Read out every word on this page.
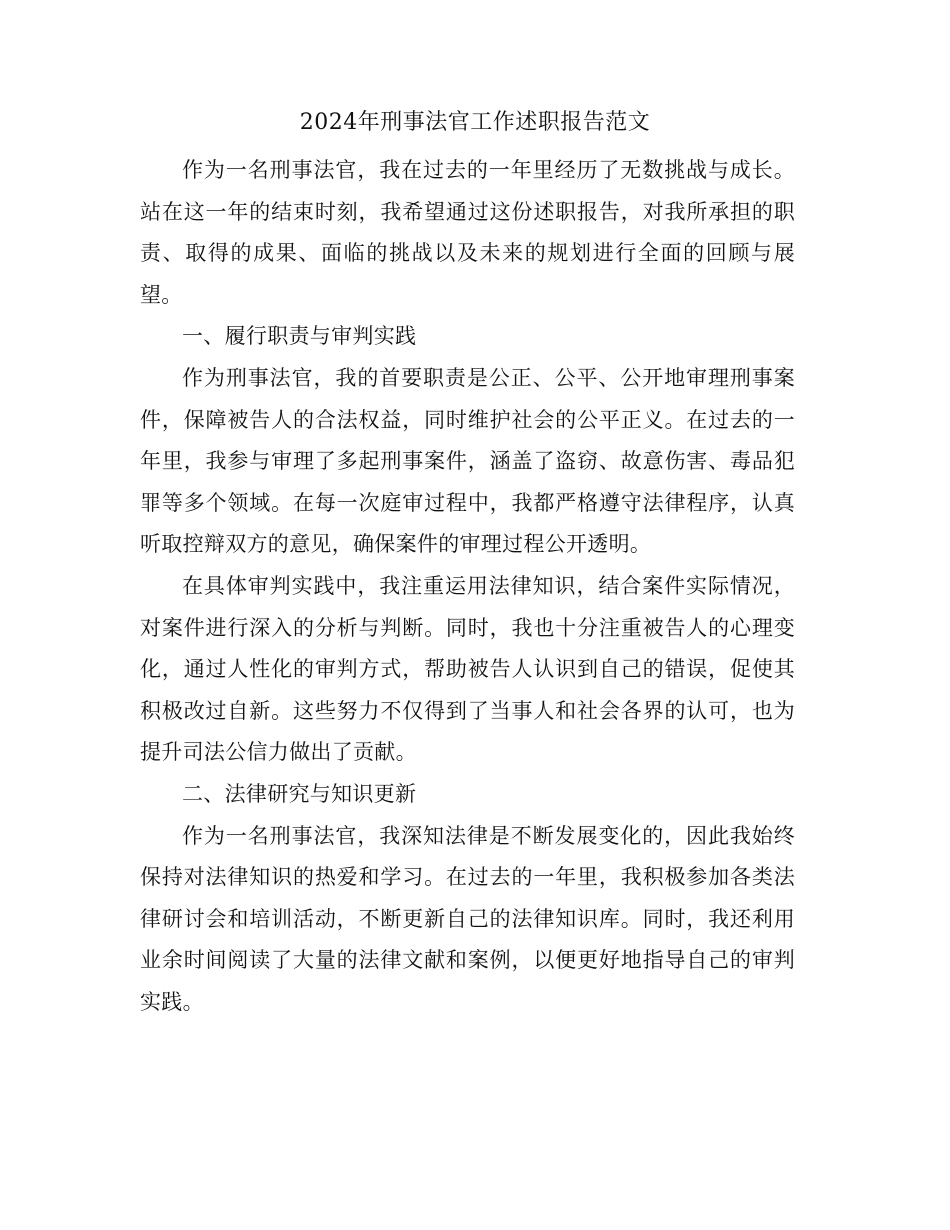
2024年刑事法官工作述职报告范文

作为一名刑事法官，我在过去的一年里经历了无数挑战与成长。站在这一年的结束时刻，我希望通过这份述职报告，对我所承担的职责、取得的成果、面临的挑战以及未来的规划进行全面的回顾与展望。

一、履行职责与审判实践

作为刑事法官，我的首要职责是公正、公平、公开地审理刑事案件，保障被告人的合法权益，同时维护社会的公平正义。在过去的一年里，我参与审理了多起刑事案件，涵盖了盗窃、故意伤害、毒品犯罪等多个领域。在每一次庭审过程中，我都严格遵守法律程序，认真听取控辩双方的意见，确保案件的审理过程公开透明。

在具体审判实践中，我注重运用法律知识，结合案件实际情况，对案件进行深入的分析与判断。同时，我也十分注重被告人的心理变化，通过人性化的审判方式，帮助被告人认识到自己的错误，促使其积极改过自新。这些努力不仅得到了当事人和社会各界的认可，也为提升司法公信力做出了贡献。

二、法律研究与知识更新

作为一名刑事法官，我深知法律是不断发展变化的，因此我始终保持对法律知识的热爱和学习。在过去的一年里，我积极参加各类法律研讨会和培训活动，不断更新自己的法律知识库。同时，我还利用业余时间阅读了大量的法律文献和案例，以便更好地指导自己的审判实践。
